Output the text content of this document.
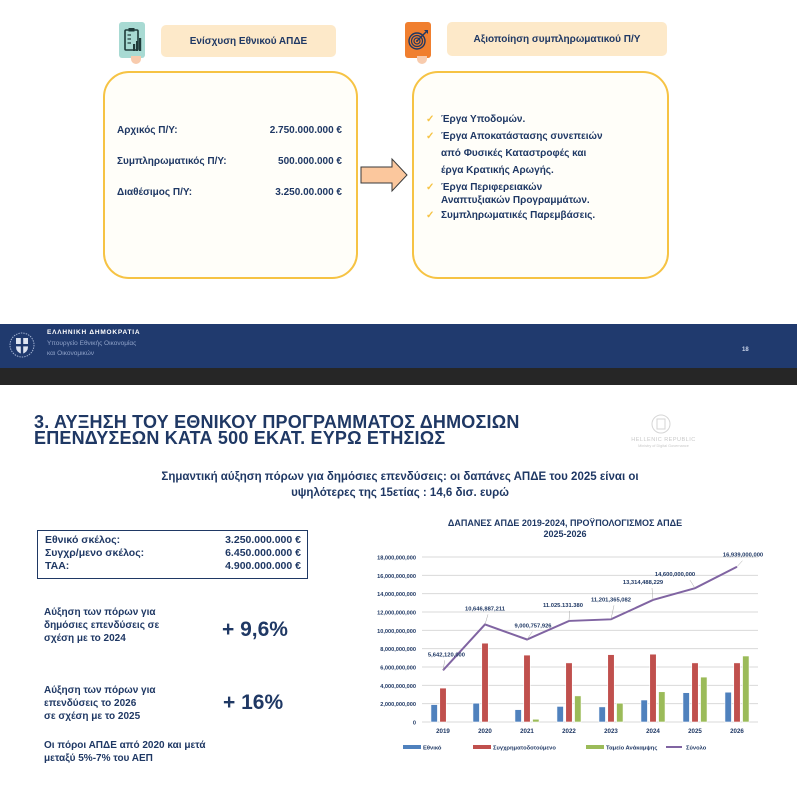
Ενίσχυση Εθνικού ΑΠΔΕ	Αξιοποίηση συμπληρωματικού Π/Υ
Αρχικός Π/Υ:	2.750.000.000 €
Συμπληρωματικός Π/Υ:	500.000.000 €
Διαθέσιμος Π/Υ:	3.250.00.000 €
✓ Έργα Υποδομών.
✓ Έργα Αποκατάστασης συνεπειών
από Φυσικές Καταστροφές και
έργα Κρατικής Αρωγής.
✓ Έργα Περιφερειακών
Αναπτυξιακών Προγραμμάτων.
✓ Συμπληρωματικές Παρεμβάσεις.
ΕΛΛΗΝΙΚΗ ΔΗΜΟΚΡΑΤΙΑ
Υπουργείο Εθνικής Οικονομίας
και Οικονομικών	18
3. ΑΥΞΗΣΗ ΤΟΥ ΕΘΝΙΚΟΥ ΠΡΟΓΡΑΜΜΑΤΟΣ ΔΗΜΟΣΙΩΝ
ΕΠΕΝΔΥΣΕΩΝ ΚΑΤΑ 500 ΕΚΑΤ. ΕΥΡΩ ΕΤΗΣΙΩΣ	HELLENIC REPUBLIC
Ministry of Digital Governance
Σημαντική αύξηση πόρων για δημόσιες επενδύσεις: οι δαπάνες ΑΠΔΕ του 2025 είναι οι
υψηλότερες της 15ετίας : 14,6 δισ. ευρώ
Εθνικό σκέλος:	3.250.000.000 €
Συγχρ/μενο σκέλος:	6.450.000.000 €
ΤΑΑ:	4.900.000.000 €
Αύξηση των πόρων για
δημόσιες επενδύσεις σε
σχέση με το 2024	+ 9,6%
Αύξηση των πόρων για
επενδύσεις το 2026
σε σχέση με το 2025
+ 16%
Οι πόροι ΑΠΔΕ από 2020 και μετά
μεταξύ 5%-7% του ΑΕΠ
ΔΑΠΑΝΕΣ ΑΠΔΕ 2019-2024, ΠΡΟΫΠΟΛΟΓΙΣΜΟΣ ΑΠΔΕ
2025-2026
0
2,000,000,000
4,000,000,000
6,000,000,000
8,000,000,000
10,000,000,000
12,000,000,000
14,000,000,000
16,000,000,000
18,000,000,000
2019	2020	2021	2022	2023	2024	2025	2026
5,642,120,000
10,646,887,211
9,000,757,926
11.025.131.380
11,201,365,082
13,314,488,229
14,600,000,000
16,939,000,000
Εθνικό	Συγχρηματοδοτούμενο	Ταμείο Ανάκαμψης	Σύνολο
